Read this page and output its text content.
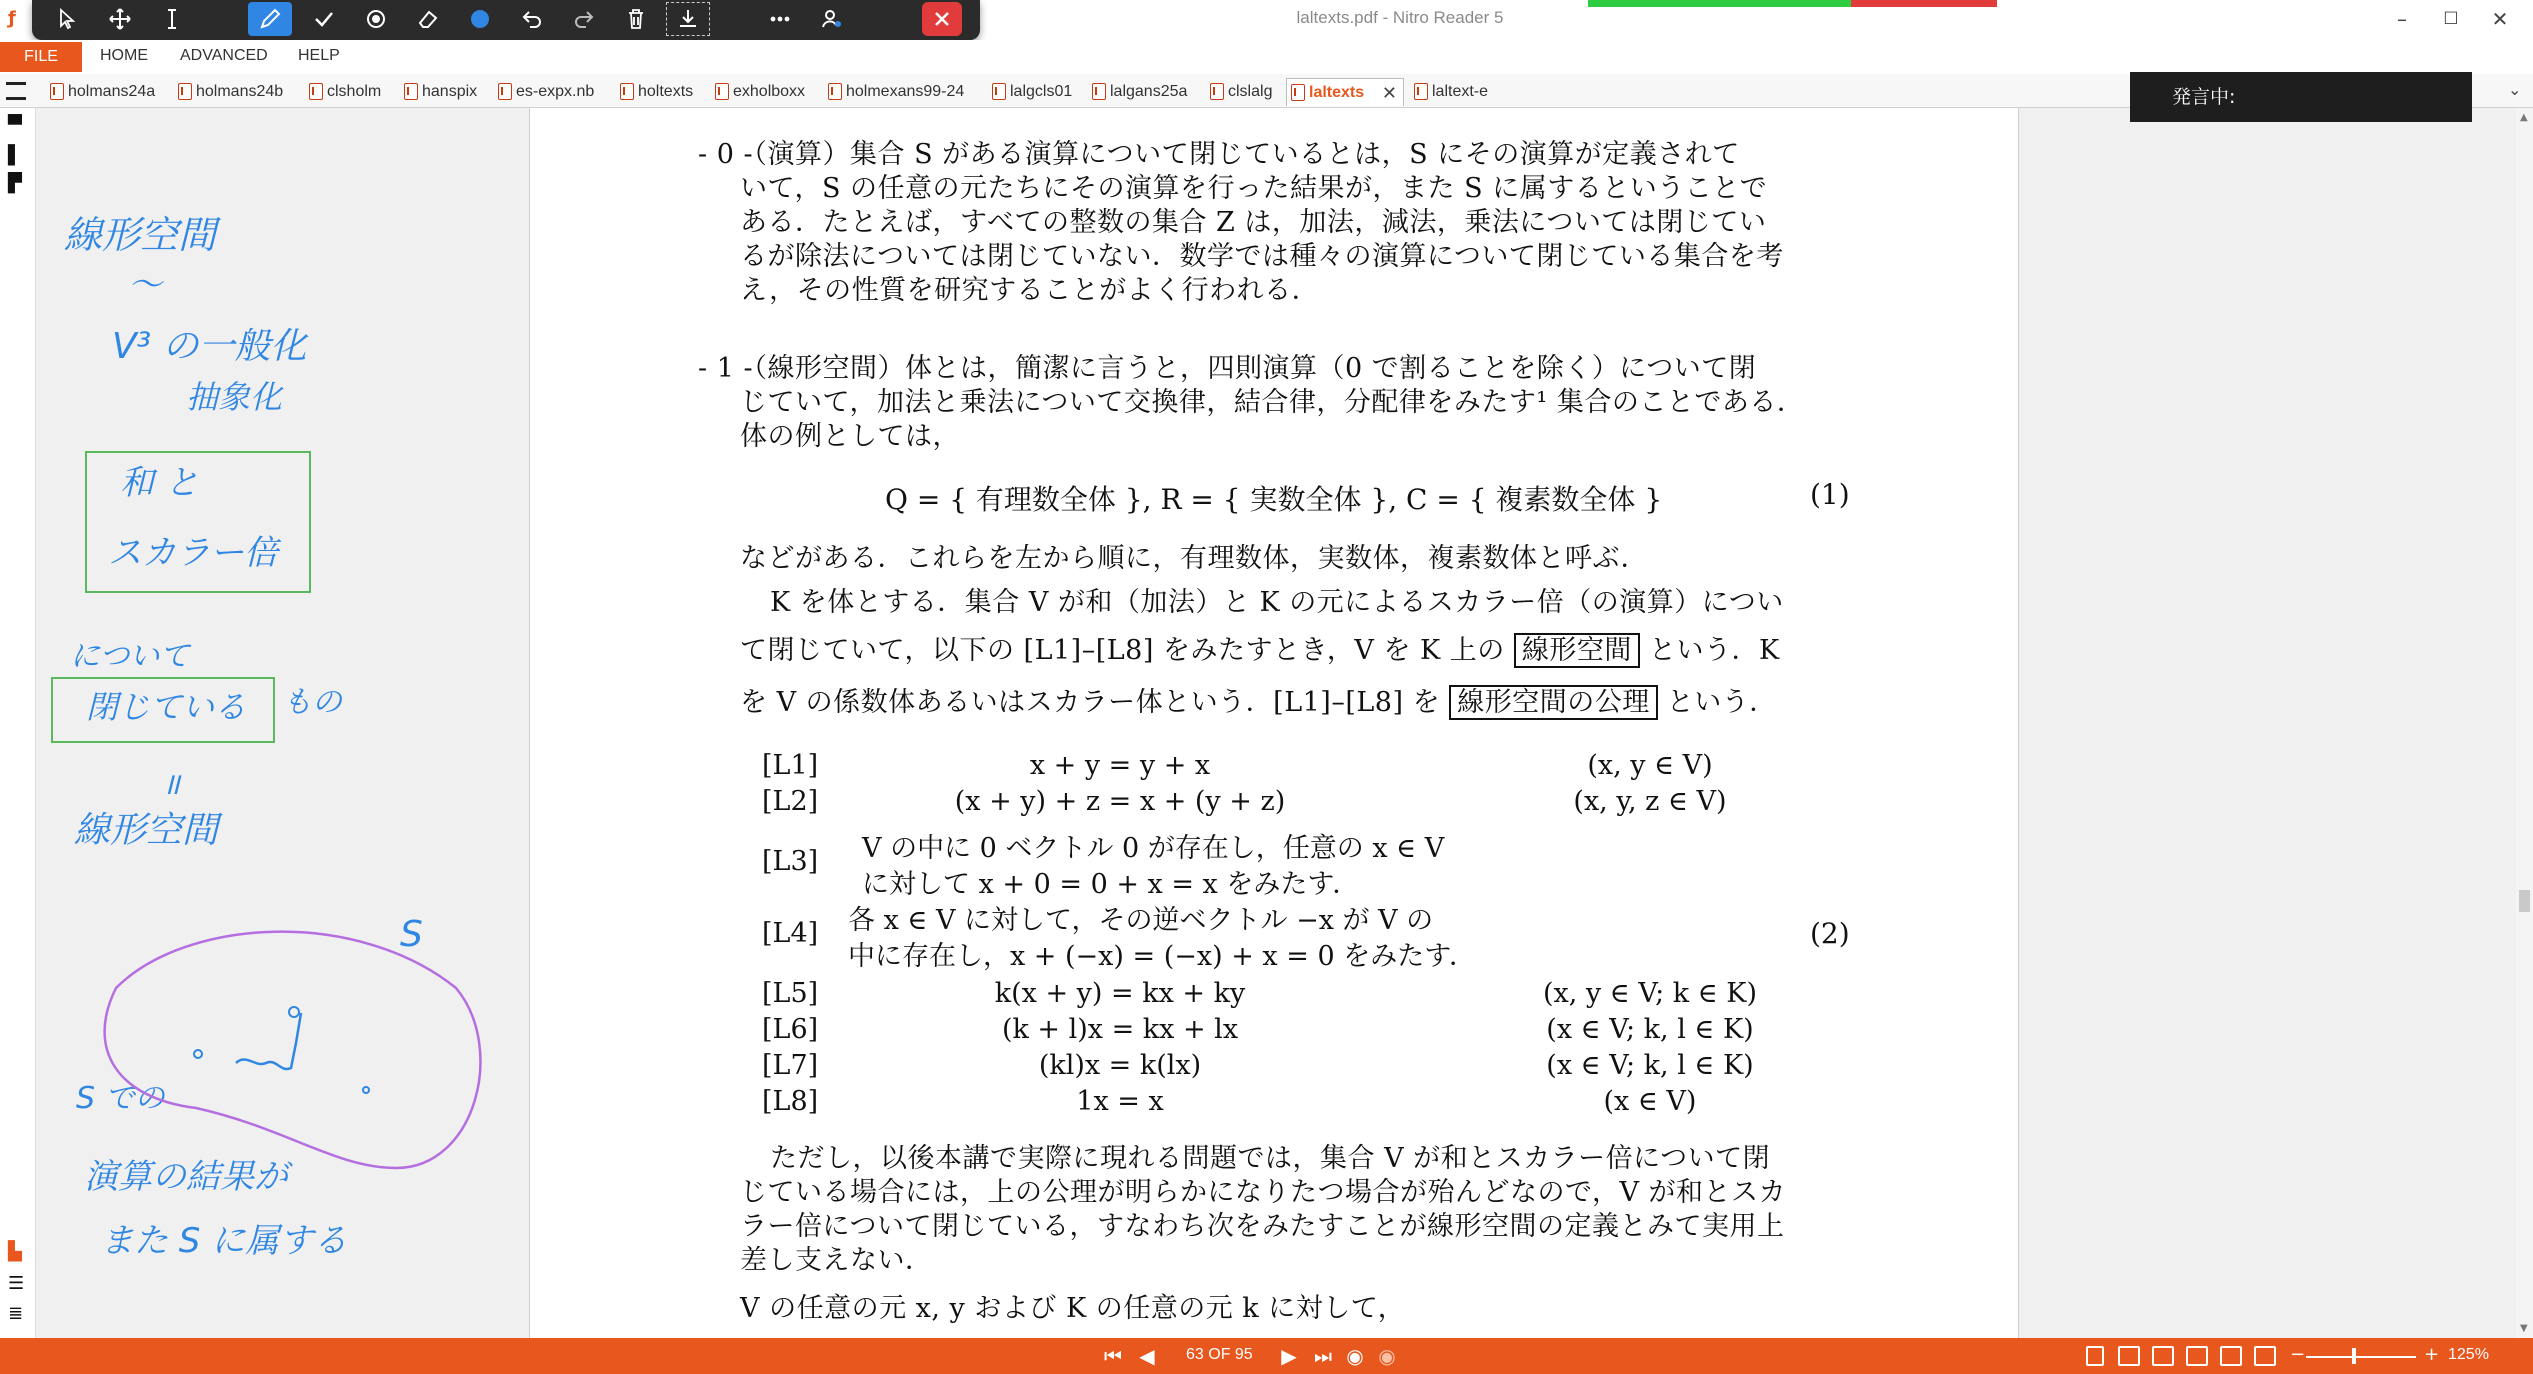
ƒ	laltexts.pdf - Nitro Reader 5	–	☐	✕
FILE	HOME ADVANCED HELP
発言中:
holmans24a	holmans24b	clsholm	hanspix	es-expx.nb	holtexts	exholboxx	holmexans99-24	lalgcls01	lalgans25a	clslalg	laltexts ✕	laltext-e	⌄
▀
▌
▛
▙
☰
≣
線形空間
〜
V³ の一般化
抽象化
和 と
スカラー倍
について
閉じている もの
॥
線形空間
S
S での
演算の結果が
また S に属する
- 0 -
（演算）集合 S がある演算について閉じているとは，S にその演算が定義されて
いて，S の任意の元たちにその演算を行った結果が，また S に属するということで
ある．たとえば，すべての整数の集合 Z は，加法，減法，乗法については閉じてい
るが除法については閉じていない．数学では種々の演算について閉じている集合を考
え，その性質を研究することがよく行われる．
- 1 -
（線形空間）体とは，簡潔に言うと，四則演算（0 で割ることを除く）について閉
じていて，加法と乗法について交換律，結合律，分配律をみたす¹ 集合のことである．
体の例としては，
Q = { 有理数全体 }, R = { 実数全体 }, C = { 複素数全体 }	(1)
などがある．これらを左から順に，有理数体，実数体，複素数体と呼ぶ．
K を体とする．集合 V が和（加法）と K の元によるスカラー倍（の演算）につい
て閉じていて，以下の [L1]–[L8] をみたすとき，V を K 上の 線形空間 という．K
を V の係数体あるいはスカラー体という．[L1]–[L8] を 線形空間の公理 という．
[L1]	x + y = y + x	(x, y ∈ V)
[L2]	(x + y) + z = x + (y + z)	(x, y, z ∈ V)
[L3] V の中に 0 ベクトル 0 が存在し，任意の x ∈ V
に対して x + 0 = 0 + x = x をみたす．
[L4] 各 x ∈ V に対して，その逆ベクトル −x が V の
中に存在し，x + (−x) = (−x) + x = 0 をみたす．
(2)
[L5]	k(x + y) = kx + ky	(x, y ∈ V; k ∈ K)
[L6]	(k + l)x = kx + lx	(x ∈ V; k, l ∈ K)
[L7]	(kl)x = k(lx)	(x ∈ V; k, l ∈ K)
[L8]	1x = x	(x ∈ V)
ただし，以後本講で実際に現れる問題では，集合 V が和とスカラー倍について閉
じている場合には，上の公理が明らかになりたつ場合が殆んどなので，V が和とスカ
ラー倍について閉じている，すなわち次をみたすことが線形空間の定義とみて実用上
差し支えない．
V の任意の元 x, y および K の任意の元 k に対して，
▲
▼
⏮ ◀	63 OF 95 ▶ ⏭ ◉ ◉	−	+ 125%
